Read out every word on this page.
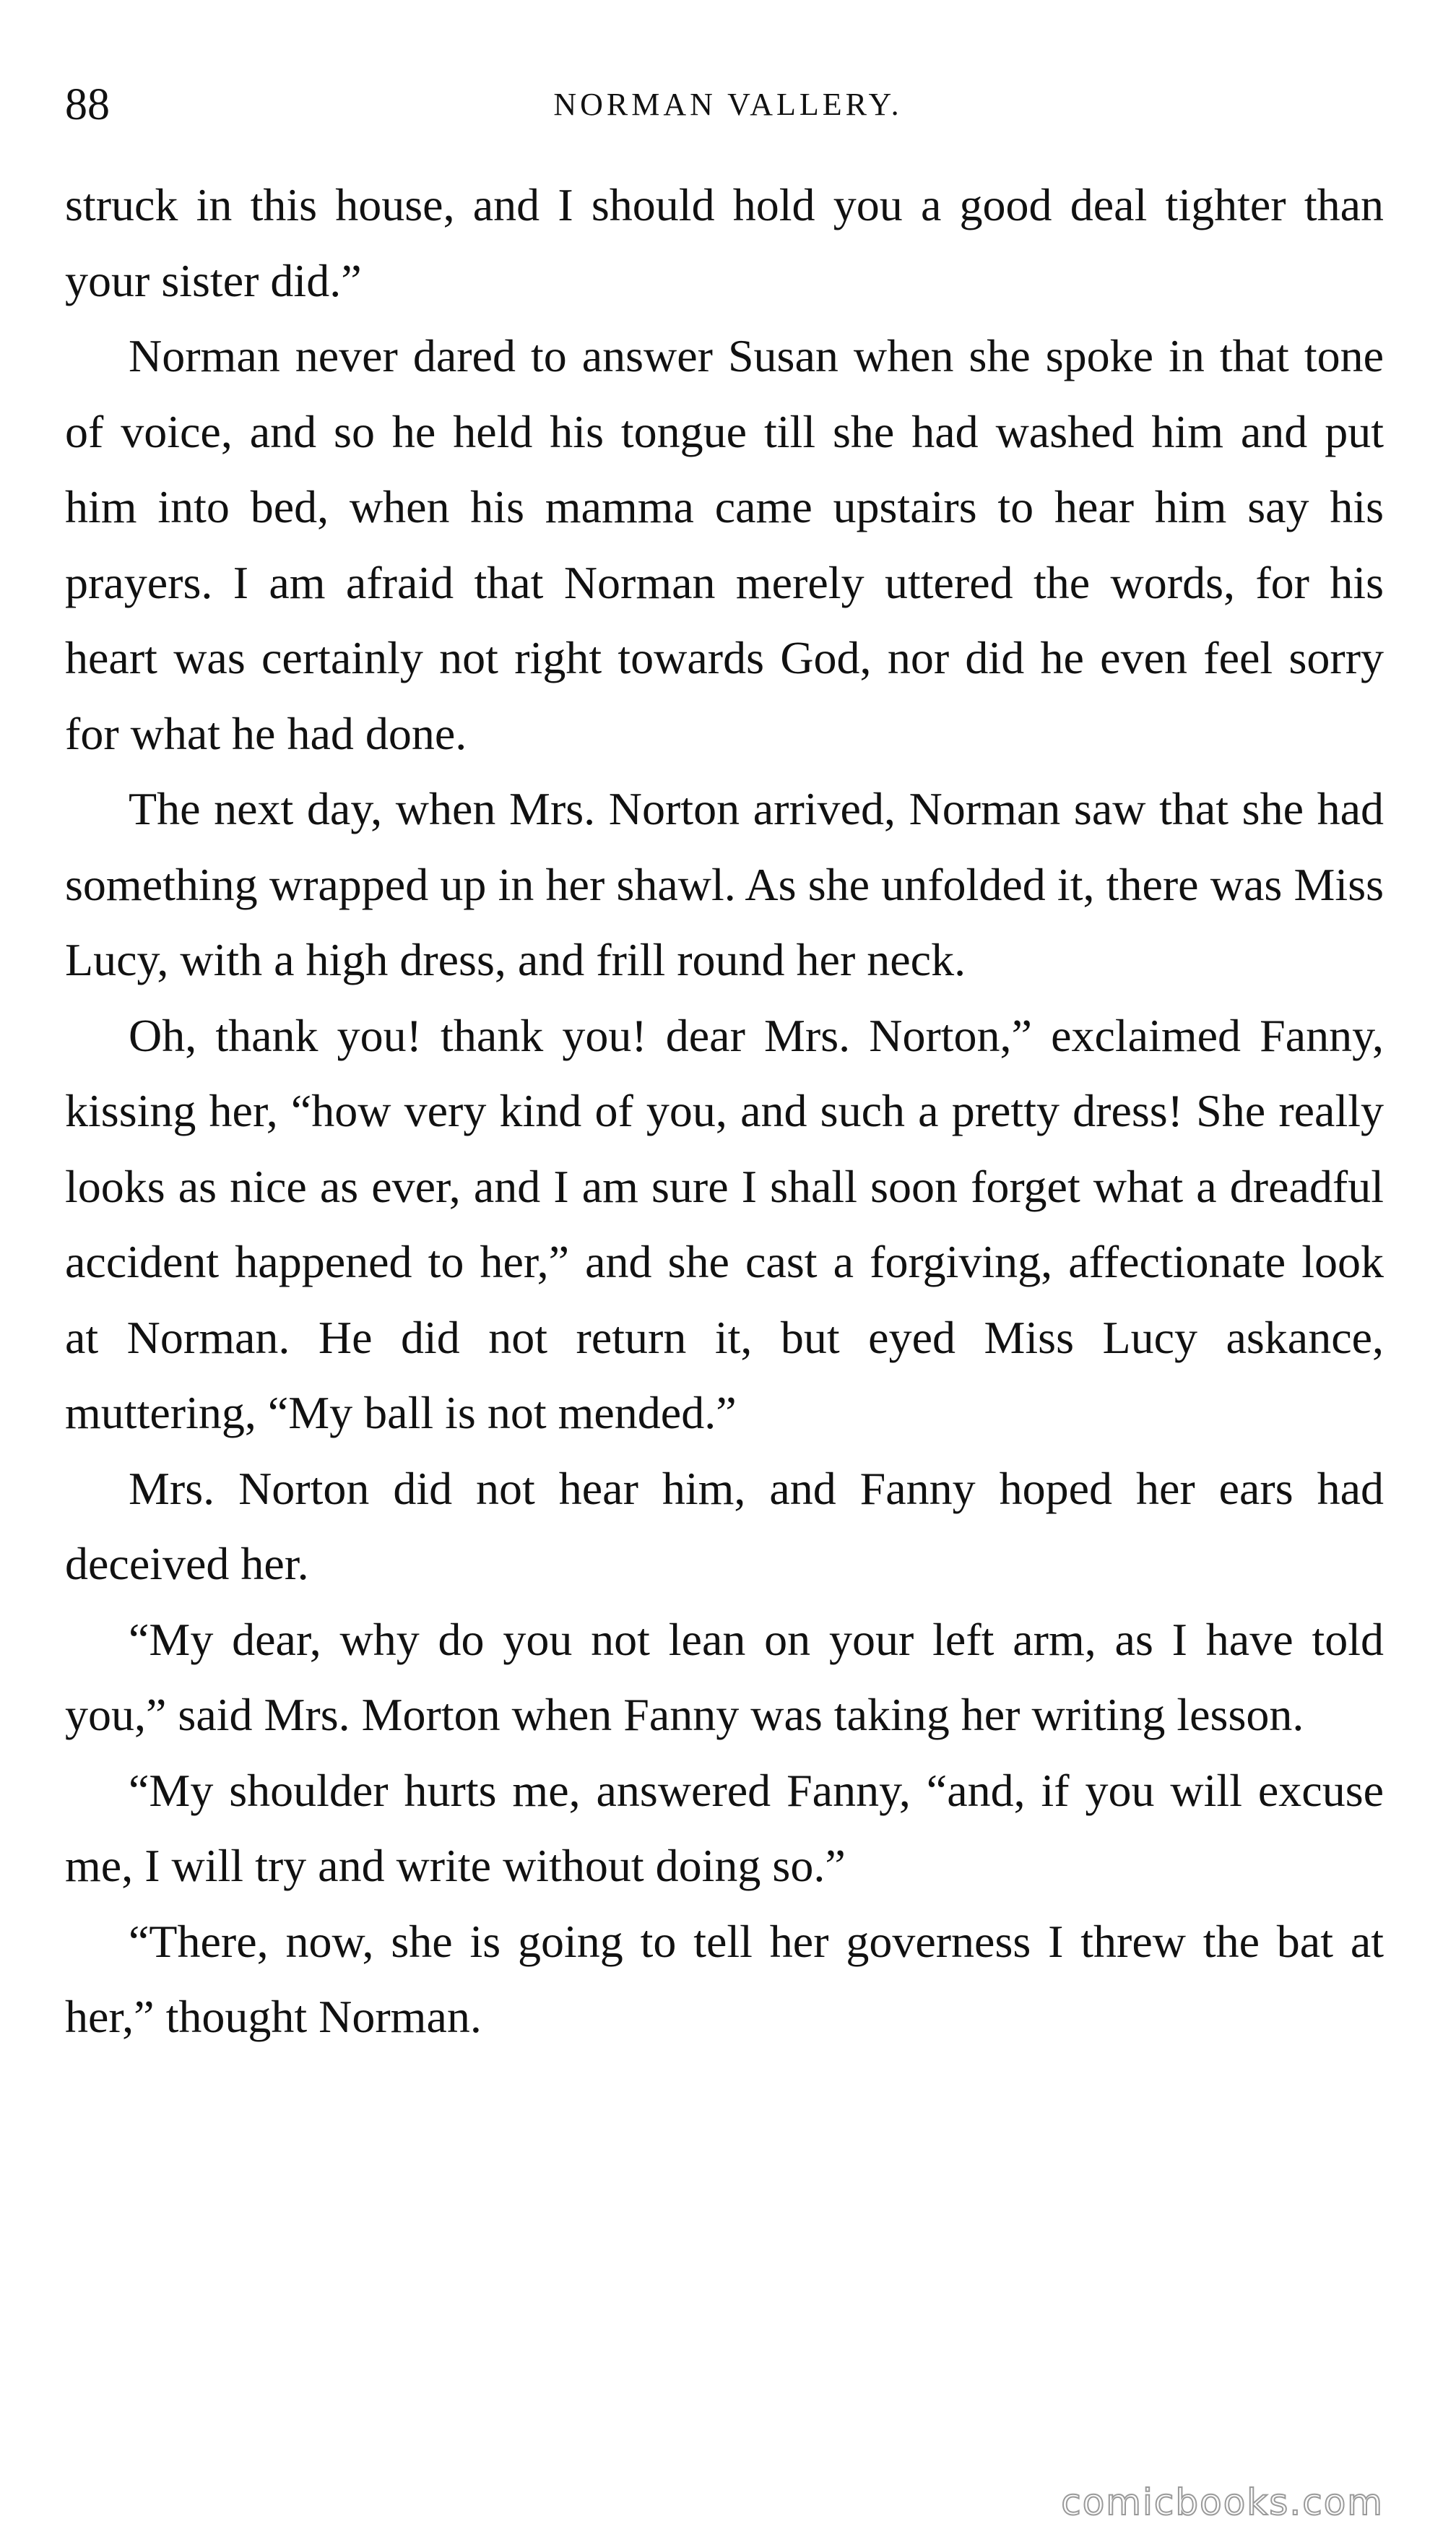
88	NORMAN VALLERY.

struck in this house, and I should hold you a good deal tighter than your sister did.”

Norman never dared to answer Susan when she spoke in that tone of voice, and so he held his tongue till she had washed him and put him into bed, when his mamma came upstairs to hear him say his prayers. I am afraid that Norman merely uttered the words, for his heart was certainly not right towards God, nor did he even feel sorry for what he had done.

The next day, when Mrs. Norton arrived, Norman saw that she had something wrapped up in her shawl. As she unfolded it, there was Miss Lucy, with a high dress, and frill round her neck.

Oh, thank you! thank you! dear Mrs. Norton,” exclaimed Fanny, kissing her, “how very kind of you, and such a pretty dress! She really looks as nice as ever, and I am sure I shall soon forget what a dreadful accident happened to her,” and she cast a forgiving, affectionate look at Norman. He did not return it, but eyed Miss Lucy askance, muttering, “My ball is not mended.”

Mrs. Norton did not hear him, and Fanny hoped her ears had deceived her.

“My dear, why do you not lean on your left arm, as I have told you,” said Mrs. Morton when Fanny was taking her writing lesson.

“My shoulder hurts me, answered Fanny, “and, if you will excuse me, I will try and write without doing so.”

“There, now, she is going to tell her governess I threw the bat at her,” thought Norman.

comicbooks.com
